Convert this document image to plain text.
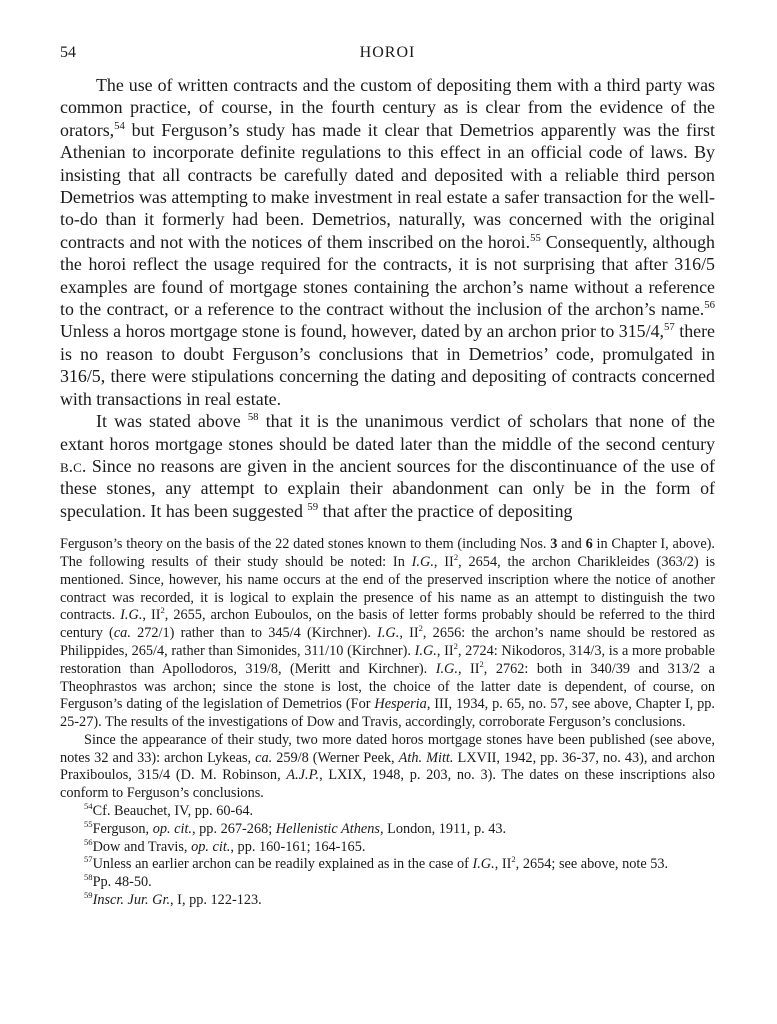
54	HOROI

The use of written contracts and the custom of depositing them with a third party was common practice, of course, in the fourth century as is clear from the evidence of the orators,$^{54}$ but Ferguson’s study has made it clear that Demetrios apparently was the first Athenian to incorporate definite regulations to this effect in an official code of laws. By insisting that all contracts be carefully dated and deposited with a reliable third person Demetrios was attempting to make investment in real estate a safer transaction for the well-to-do than it formerly had been. Demetrios, naturally, was concerned with the original contracts and not with the notices of them inscribed on the horoi.$^{55}$ Consequently, although the horoi reflect the usage required for the contracts, it is not surprising that after 316/5 examples are found of mortgage stones containing the archon’s name without a reference to the contract, or a reference to the contract without the inclusion of the archon’s name.$^{56}$ Unless a horos mortgage stone is found, however, dated by an archon prior to 315/4,57 there is no reason to doubt Ferguson’s conclusions that in Demetrios’ code, promulgated in 316/5, there were stipulations concerning the dating and depositing of contracts concerned with transactions in real estate.

It was stated above $^{58}$ that it is the unanimous verdict of scholars that none of the extant horos mortgage stones should be dated later than the middle of the second century b.c. Since no reasons are given in the ancient sources for the discontinuance of the use of these stones, any attempt to explain their abandonment can only be in the form of speculation. It has been suggested $^{59}$ that after the practice of depositing

Ferguson’s theory on the basis of the 22 dated stones known to them (including Nos. 3 and 6 in Chapter I, above). The following results of their study should be noted: In I.G., $II^2$, 2654, the archon Charikleides (363/2) is mentioned. Since, however, his name occurs at the end of the preserved inscription where the notice of another contract was recorded, it is logical to explain the presence of his name as an attempt to distinguish the two contracts. I.G., $II^2$, 2655, archon Euboulos, on the basis of letter forms probably should be referred to the third century (ca. 272/1) rather than to 345/4 (Kirchner). I.G., $II^2$, 2656: the archon’s name should be restored as Philippides, 265/4, rather than Simonides, 311/10 (Kirchner). I.G., $II^2$, 2724: Nikodoros, 314/3, is a more probable restoration than Apollodoros, 319/8, (Meritt and Kirchner). I.G., $II^2$, 2762: both in 340/39 and 313/2 a Theophrastos was archon; since the stone is lost, the choice of the latter date is dependent, of course, on Ferguson’s dating of the legislation of Demetrios (For Hesperia, III, 1934, p. 65, no. 57, see above, Chapter I, pp. 25-27). The results of the investigations of Dow and Travis, accordingly, corroborate Ferguson’s conclusions.

Since the appearance of their study, two more dated horos mortgage stones have been published (see above, notes 32 and 33): archon Lykeas, ca. 259/8 (Werner Peek, Ath. Mitt. LXVII, 1942, pp. 36-37, no. 43), and archon Praxiboulos, 315/4 (D. M. Robinson, A.J.P., LXIX, 1948, p. 203, no. 3). The dates on these inscriptions also conform to Ferguson’s conclusions.

$^{54}$Cf. Beauchet, IV, pp. 60-64.

$^{55}$Ferguson, op. cit., pp. 267-268; Hellenistic Athens, London, 1911, p. 43.

$^{56}$Dow and Travis, op. cit., pp. 160-161; 164-165.

$^{57}$Unless an earlier archon can be readily explained as in the case of I.G., $II^2$, 2654; see above, note 53.

$^{58}$Pp. 48-50.

$^{59}$Inscr. Jur. Gr., I, pp. 122-123.
